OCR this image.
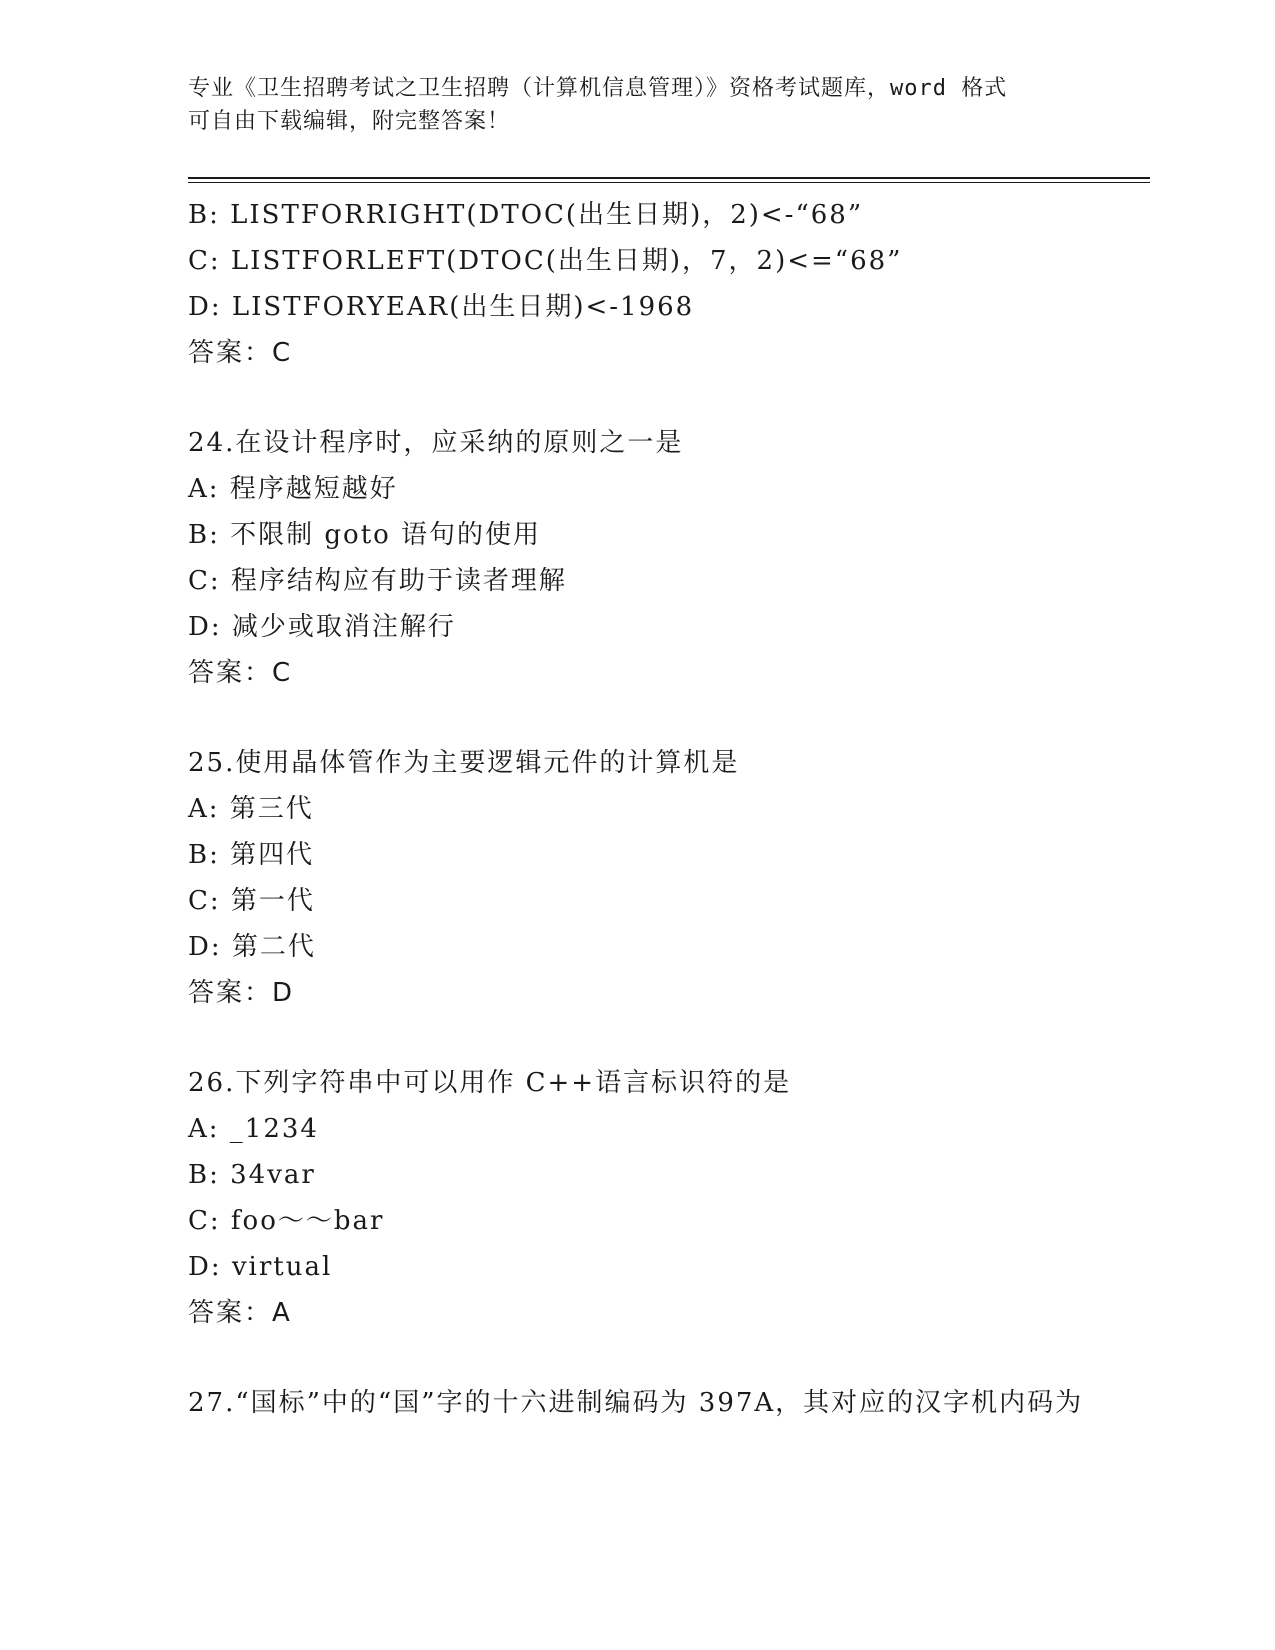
专业《卫生招聘考试之卫生招聘（计算机信息管理）》资格考试题库，word 格式
可自由下载编辑，附完整答案！
B: LISTFORRIGHT(DTOC(出生日期)，2)<-“68”
C: LISTFORLEFT(DTOC(出生日期)，7，2)<=“68”
D: LISTFORYEAR(出生日期)<-1968
答案：C
24.在设计程序时，应采纳的原则之一是
A: 程序越短越好
B: 不限制 goto 语句的使用
C: 程序结构应有助于读者理解
D: 减少或取消注解行
答案：C
25.使用晶体管作为主要逻辑元件的计算机是
A: 第三代
B: 第四代
C: 第一代
D: 第二代
答案：D
26.下列字符串中可以用作 C++语言标识符的是
A: _1234
B: 34var
C: foo～～bar
D: virtual
答案：A
27.“国标”中的“国”字的十六进制编码为 397A，其对应的汉字机内码为
